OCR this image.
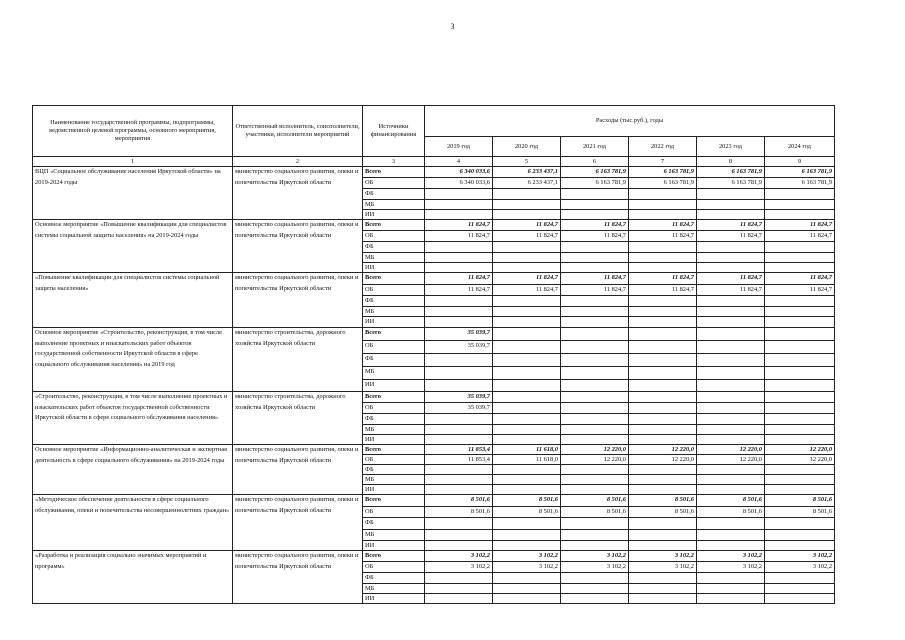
3
Наименование государственной программы, подпрограммы, ведомственной целевой программы, основного мероприятия, мероприятия	Ответственный исполнитель, соисполнители, участники, исполнители мероприятий	Источники финансирования	Расходы (тыс.руб.), годы					
			2019 год	2020 год	2021 год	2022 год	2023 год	2024 год
1	2	3	4	5	6	7	8	9
ВЦП «Социальное обслуживание населения Иркутской области» на 2019-2024 годы	министерство социального развития, опеки и попечительства Иркутской области	Всего	6 340 033,6	6 233 437,1	6 163 781,9	6 163 781,9	6 163 781,9	6 163 781,9
		ОБ	6 340 033,6	6 233 437,1	6 163 781,9	6 163 781,9	6 163 781,9	6 163 781,9
		ФБ						
		МБ						
		ИИ						
Основное мероприятие «Повышение квалификации для специалистов системы социальной защиты населения» на 2019-2024 годы	министерство социального развития, опеки и попечительства Иркутской области	Всего	11 824,7	11 824,7	11 824,7	11 824,7	11 824,7	11 824,7
		ОБ	11 824,7	11 824,7	11 824,7	11 824,7	11 824,7	11 824,7
		ФБ						
		МБ						
		ИИ						
«Повышение квалификации для специалистов системы социальной защиты населения»	министерство социального развития, опеки и попечительства Иркутской области	Всего	11 824,7	11 824,7	11 824,7	11 824,7	11 824,7	11 824,7
		ОБ	11 824,7	11 824,7	11 824,7	11 824,7	11 824,7	11 824,7
		ФБ						
		МБ						
		ИИ						
Основное мероприятие «Строительство, реконструкция, в том числе выполнение проектных и изыскательских работ объектов государственной собственности Иркутской области в сфере социального обслуживания населения» на 2019 год	министерство строительства, дорожного хозяйства Иркутской области	Всего	35 039,7					
		ОБ	35 039,7					
		ФБ						
		МБ						
		ИИ						
«Строительство, реконструкция, в том числе выполнение проектных и изыскательских работ объектов государственной собственности Иркутской области в сфере социального обслуживания населения»	министерство строительства, дорожного хозяйства Иркутской области	Всего	35 039,7					
		ОБ	35 039,7					
		ФБ						
		МБ						
		ИИ						
Основное мероприятие «Информационно-аналитическая и экспертная деятельность в сфере социального обслуживания» на 2019-2024 годы	министерство социального развития, опеки и попечительства Иркутской области	Всего	11 853,4	11 618,0	12 220,0	12 220,0	12 220,0	12 220,0
		ОБ	11 853,4	11 618,0	12 220,0	12 220,0	12 220,0	12 220,0
		ФБ						
		МБ						
		ИИ						
«Методическое обеспечение деятельности в сфере социального обслуживания, опеки и попечительства несовершеннолетних граждан»	министерство социального развития, опеки и попечительства Иркутской области	Всего	8 501,6	8 501,6	8 501,6	8 501,6	8 501,6	8 501,6
		ОБ	8 501,6	8 501,6	8 501,6	8 501,6	8 501,6	8 501,6
		ФБ						
		МБ						
		ИИ						
«Разработка и реализация социально значимых мероприятий и программ»	министерство социального развития, опеки и попечительства Иркутской области	Всего	3 102,2	3 102,2	3 102,2	3 102,2	3 102,2	3 102,2
		ОБ	3 102,2	3 102,2	3 102,2	3 102,2	3 102,2	3 102,2
		ФБ						
		МБ						
		ИИ						
